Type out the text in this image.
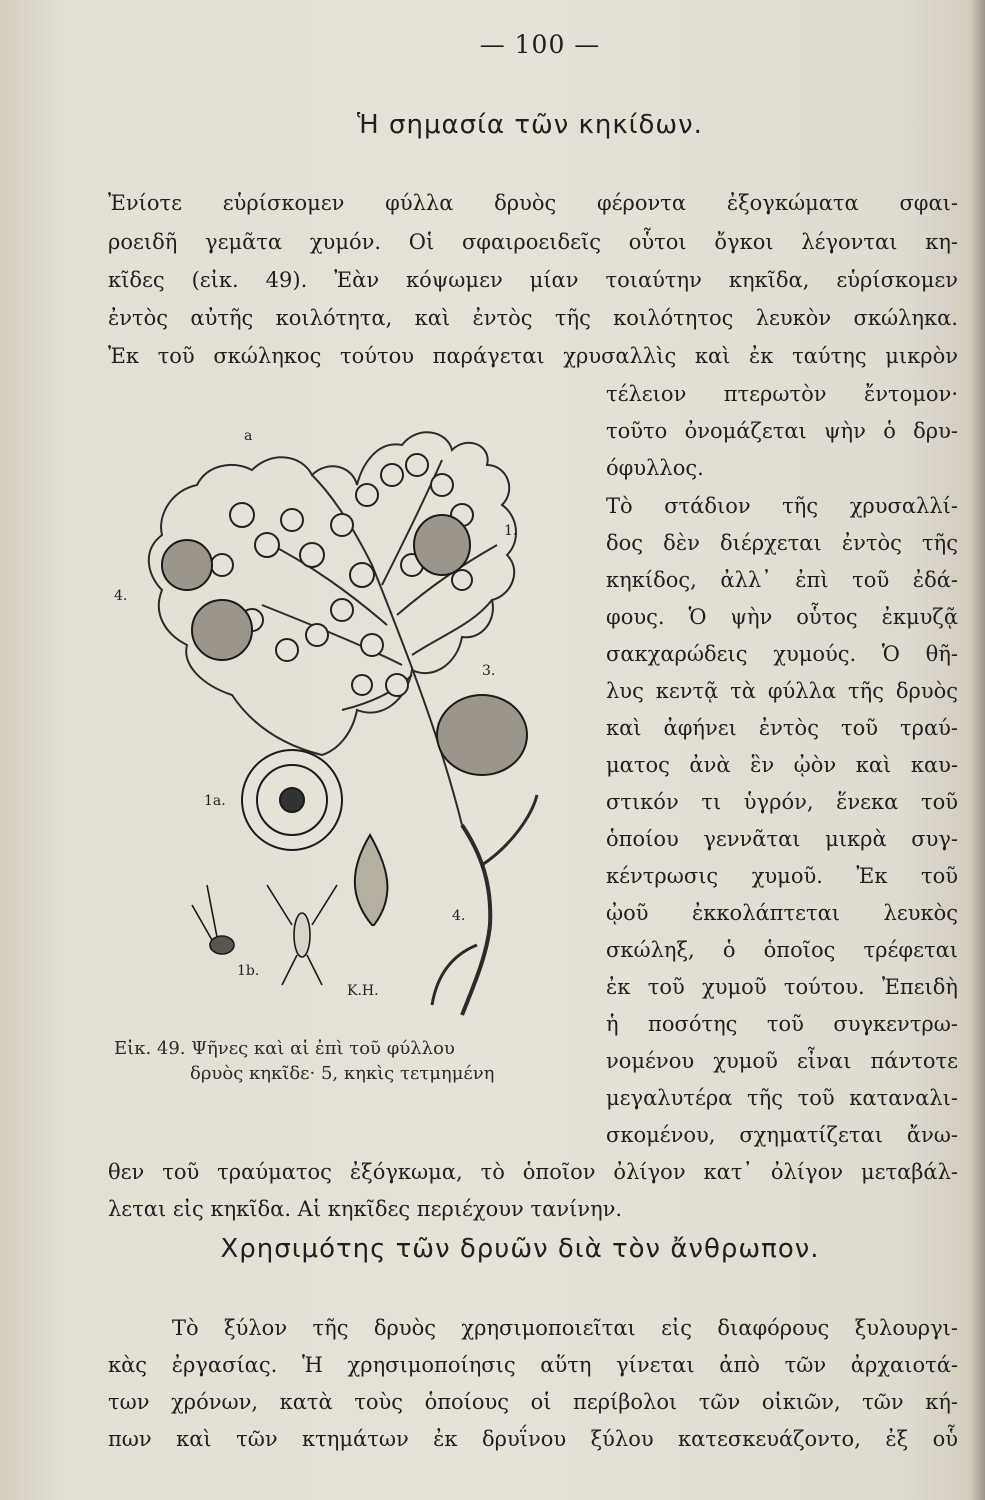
— 100 —
Ἡ σημασία τῶν κηκίδων.
Ἐνίοτε εὑρίσκομεν φύλλα δρυὸς φέροντα ἐξογκώματα σφαι-
ροειδῆ γεμᾶτα χυμόν. Οἱ σφαιροειδεῖς οὗτοι ὄγκοι λέγονται κη-
κῖδες (εἰκ. 49). Ἐὰν κόψωμεν μίαν τοιαύτην κηκῖδα, εὑρίσκομεν
ἐντὸς αὐτῆς κοιλότητα, καὶ ἐντὸς τῆς κοιλότητος λευκὸν σκώληκα.
Ἐκ τοῦ σκώληκος τούτου παράγεται χρυσαλλὶς καὶ ἐκ ταύτης μικρὸν
τέλειον πτερωτὸν ἔντομον·
τοῦτο ὀνομάζεται ψὴν ὁ δρυ-
όφυλλος.
Τὸ στάδιον τῆς χρυσαλλί-
δος δὲν διέρχεται ἐντὸς τῆς
κηκίδος, ἀλλ᾽ ἐπὶ τοῦ ἐδά-
φους. Ὁ ψὴν οὗτος ἐκμυζᾷ
σακχαρώδεις χυμούς. Ὁ θῆ-
λυς κεντᾷ τὰ φύλλα τῆς δρυὸς
καὶ ἀφήνει ἐντὸς τοῦ τραύ-
ματος ἀνὰ ἓν ᾠὸν καὶ καυ-
στικόν τι ὑγρόν, ἕνεκα τοῦ
ὁποίου γεννᾶται μικρὰ συγ-
κέντρωσις χυμοῦ. Ἐκ τοῦ
ᾠοῦ ἐκκολάπτεται λευκὸς
σκώληξ, ὁ ὁποῖος τρέφεται
ἐκ τοῦ χυμοῦ τούτου. Ἐπειδὴ
ἡ ποσότης τοῦ συγκεντρω-
νομένου χυμοῦ εἶναι πάντοτε
μεγαλυτέρα τῆς τοῦ καταναλι-
σκομένου, σχηματίζεται ἄνω-
θεν τοῦ τραύματος ἐξόγκωμα, τὸ ὁποῖον ὀλίγον κατ᾽ ὀλίγον μεταβάλ-
λεται εἰς κηκῖδα. Αἱ κηκῖδες περιέχουν τανίνην.
a
1.
4.
3.
1a.
4.
1b.
K.H.
Εἰκ. 49. Ψῆνες καὶ αἱ ἐπὶ τοῦ φύλλου
δρυὸς κηκῖδε· 5, κηκὶς τετμημένη
Χρησιμότης τῶν δρυῶν διὰ τὸν ἄνθρωπον.
Τὸ ξύλον τῆς δρυὸς χρησιμοποιεῖται εἰς διαφόρους ξυλουργι-
κὰς ἐργασίας. Ἡ χρησιμοποίησις αὕτη γίνεται ἀπὸ τῶν ἀρχαιοτά-
των χρόνων, κατὰ τοὺς ὁποίους οἱ περίβολοι τῶν οἰκιῶν, τῶν κή-
πων καὶ τῶν κτημάτων ἐκ δρυΐνου ξύλου κατεσκευάζοντο, ἐξ οὗ
